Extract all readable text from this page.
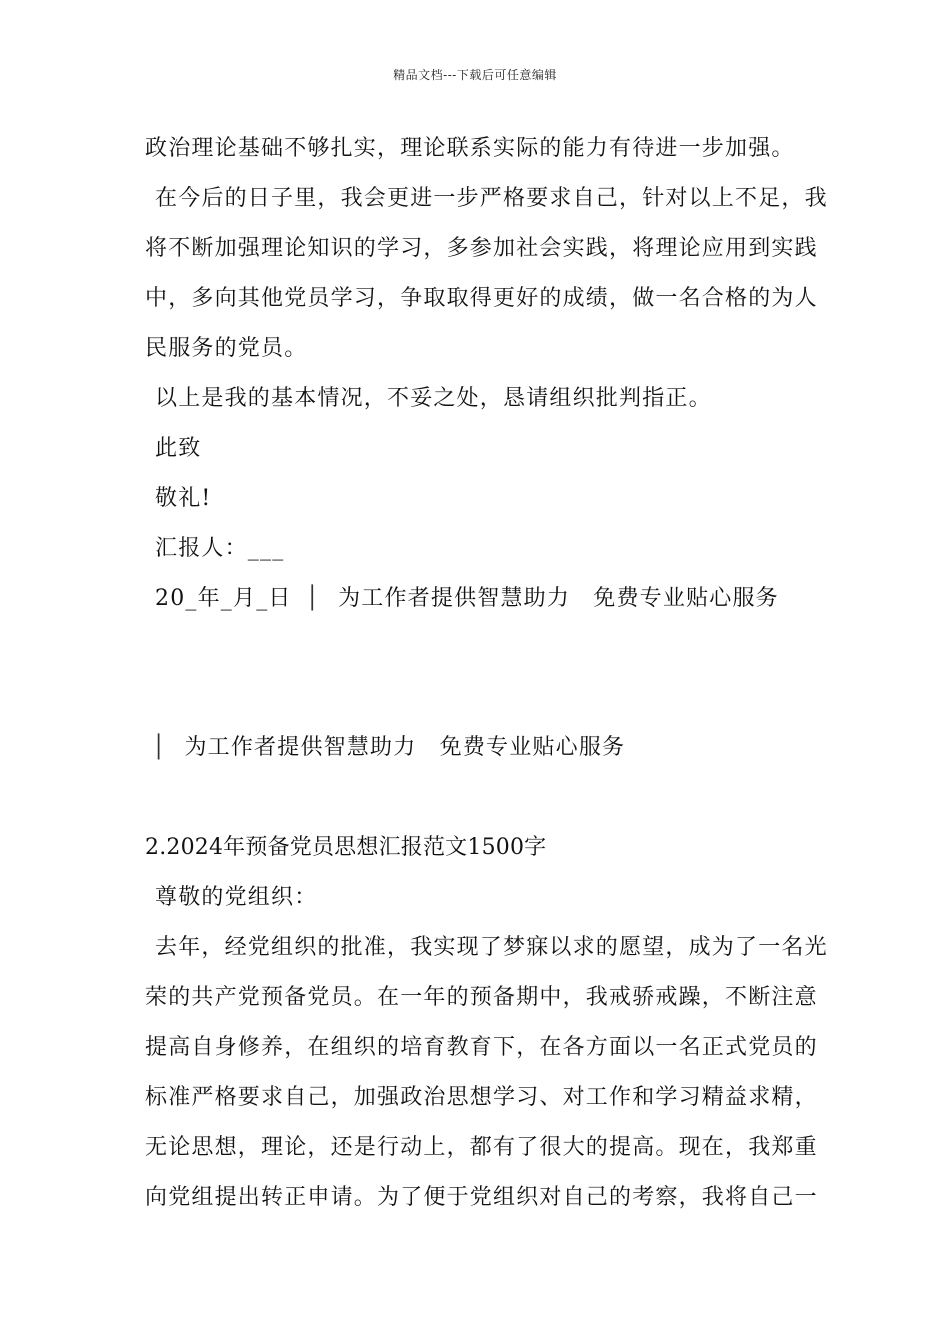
精品文档---下载后可任意编辑
政治理论基础不够扎实，理论联系实际的能力有待进一步加强。
在今后的日子里，我会更进一步严格要求自己，针对以上不足，我
将不断加强理论知识的学习，多参加社会实践，将理论应用到实践
中，多向其他党员学习，争取取得更好的成绩，做一名合格的为人
民服务的党员。
以上是我的基本情况，不妥之处，恳请组织批判指正。
此致
敬礼!
汇报人：___
20_年_月_日 │ 为工作者提供智慧助力　免费专业贴心服务
│ 为工作者提供智慧助力　免费专业贴心服务
2.2024年预备党员思想汇报范文1500字
尊敬的党组织：
去年，经党组织的批准，我实现了梦寐以求的愿望，成为了一名光
荣的共产党预备党员。在一年的预备期中，我戒骄戒躁，不断注意
提高自身修养，在组织的培育教育下，在各方面以一名正式党员的
标准严格要求自己，加强政治思想学习、对工作和学习精益求精，
无论思想，理论，还是行动上，都有了很大的提高。现在，我郑重
向党组提出转正申请。为了便于党组织对自己的考察，我将自己一
